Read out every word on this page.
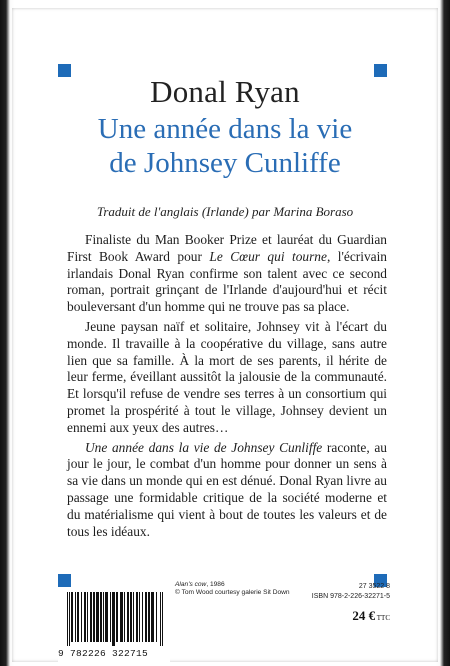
Donal Ryan
Une année dans la vie
de Johnsey Cunliffe
Traduit de l'anglais (Irlande) par Marina Boraso

Finaliste du Man Booker Prize et lauréat du Guardian First Book Award pour Le Cœur qui tourne, l'écrivain irlandais Donal Ryan confirme son talent avec ce second roman, portrait grinçant de l'Irlande d'aujourd'hui et récit bouleversant d'un homme qui ne trouve pas sa place.

Jeune paysan naïf et solitaire, Johnsey vit à l'écart du monde. Il travaille à la coopérative du village, sans autre lien que sa famille. À la mort de ses parents, il hérite de leur ferme, éveillant aussitôt la jalousie de la communauté. Et lorsqu'il refuse de vendre ses terres à un consortium qui promet la prospérité à tout le village, Johnsey devient un ennemi aux yeux des autres…

Une année dans la vie de Johnsey Cunliffe raconte, au jour le jour, le combat d'un homme pour donner un sens à sa vie dans un monde qui en est dénué. Donal Ryan livre au passage une formidable critique de la société moderne et du matérialisme qui vient à bout de toutes les valeurs et de tous les idéaux.

9 782226 322715
Alan's cow, 1986
© Tom Wood courtesy galerie Sit Down
27 3522 8
ISBN 978-2-226-32271-5
24 € TTC
